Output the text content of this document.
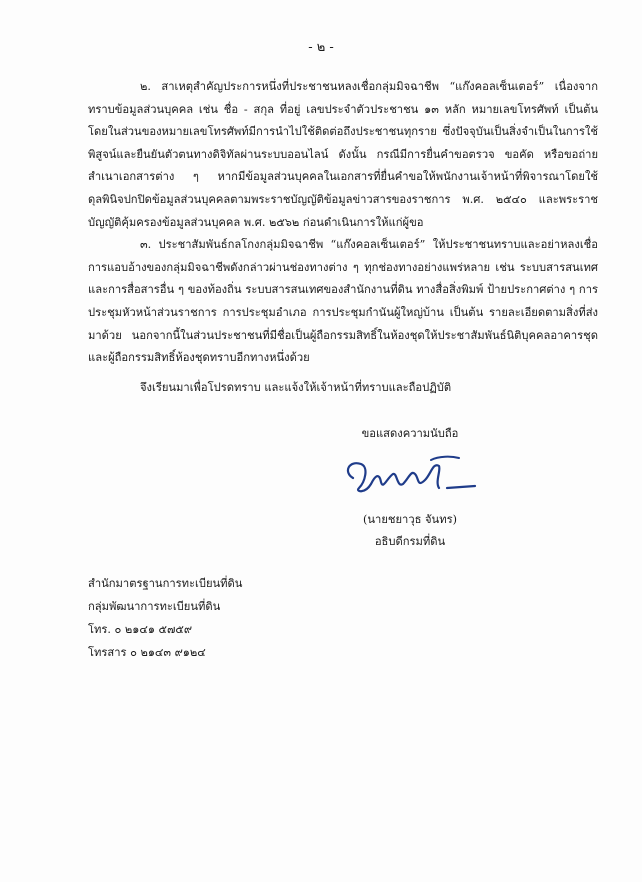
- ๒ -

๒. สาเหตุสำคัญประการหนึ่งที่ประชาชนหลงเชื่อกลุ่มมิจฉาชีพ “แก๊งคอลเซ็นเตอร์” เนื่องจากทราบข้อมูลส่วนบุคคล เช่น ชื่อ - สกุล ที่อยู่ เลขประจำตัวประชาชน ๑๓ หลัก หมายเลขโทรศัพท์ เป็นต้น โดยในส่วนของหมายเลขโทรศัพท์มีการนำไปใช้ติดต่อถึงประชาชนทุกราย ซึ่งปัจจุบันเป็นสิ่งจำเป็นในการใช้พิสูจน์และยืนยันตัวตนทางดิจิทัลผ่านระบบออนไลน์ ดังนั้น กรณีมีการยื่นคำขอตรวจ ขอคัด หรือขอถ่ายสำเนาเอกสารต่าง ๆ หากมีข้อมูลส่วนบุคคลในเอกสารที่ยื่นคำขอให้พนักงานเจ้าหน้าที่พิจารณาโดยใช้ดุลพินิจปกปิดข้อมูลส่วนบุคคลตามพระราชบัญญัติข้อมูลข่าวสารของราชการ พ.ศ. ๒๕๔๐ และพระราชบัญญัติคุ้มครองข้อมูลส่วนบุคคล พ.ศ. ๒๕๖๒ ก่อนดำเนินการให้แก่ผู้ขอ

๓. ประชาสัมพันธ์กลโกงกลุ่มมิจฉาชีพ “แก๊งคอลเซ็นเตอร์” ให้ประชาชนทราบและอย่าหลงเชื่อการแอบอ้างของกลุ่มมิจฉาชีพดังกล่าวผ่านช่องทางต่าง ๆ ทุกช่องทางอย่างแพร่หลาย เช่น ระบบสารสนเทศและการสื่อสารอื่น ๆ ของท้องถิ่น ระบบสารสนเทศของสำนักงานที่ดิน ทางสื่อสิ่งพิมพ์ ป้ายประกาศต่าง ๆ การประชุมหัวหน้าส่วนราชการ การประชุมอำเภอ การประชุมกำนันผู้ใหญ่บ้าน เป็นต้น รายละเอียดตามสิ่งที่ส่งมาด้วย นอกจากนี้ในส่วนประชาชนที่มีชื่อเป็นผู้ถือกรรมสิทธิ์ในห้องชุดให้ประชาสัมพันธ์นิติบุคคลอาคารชุดและผู้ถือกรรมสิทธิ์ห้องชุดทราบอีกทางหนึ่งด้วย

จึงเรียนมาเพื่อโปรดทราบ และแจ้งให้เจ้าหน้าที่ทราบและถือปฏิบัติ
ขอแสดงความนับถือ
(นายชยาวุธ จันทร)
อธิบดีกรมที่ดิน
สำนักมาตรฐานการทะเบียนที่ดิน
กลุ่มพัฒนาการทะเบียนที่ดิน
โทร. ๐ ๒๑๔๑ ๕๗๕๙
โทรสาร ๐ ๒๑๔๓ ๙๑๒๔
